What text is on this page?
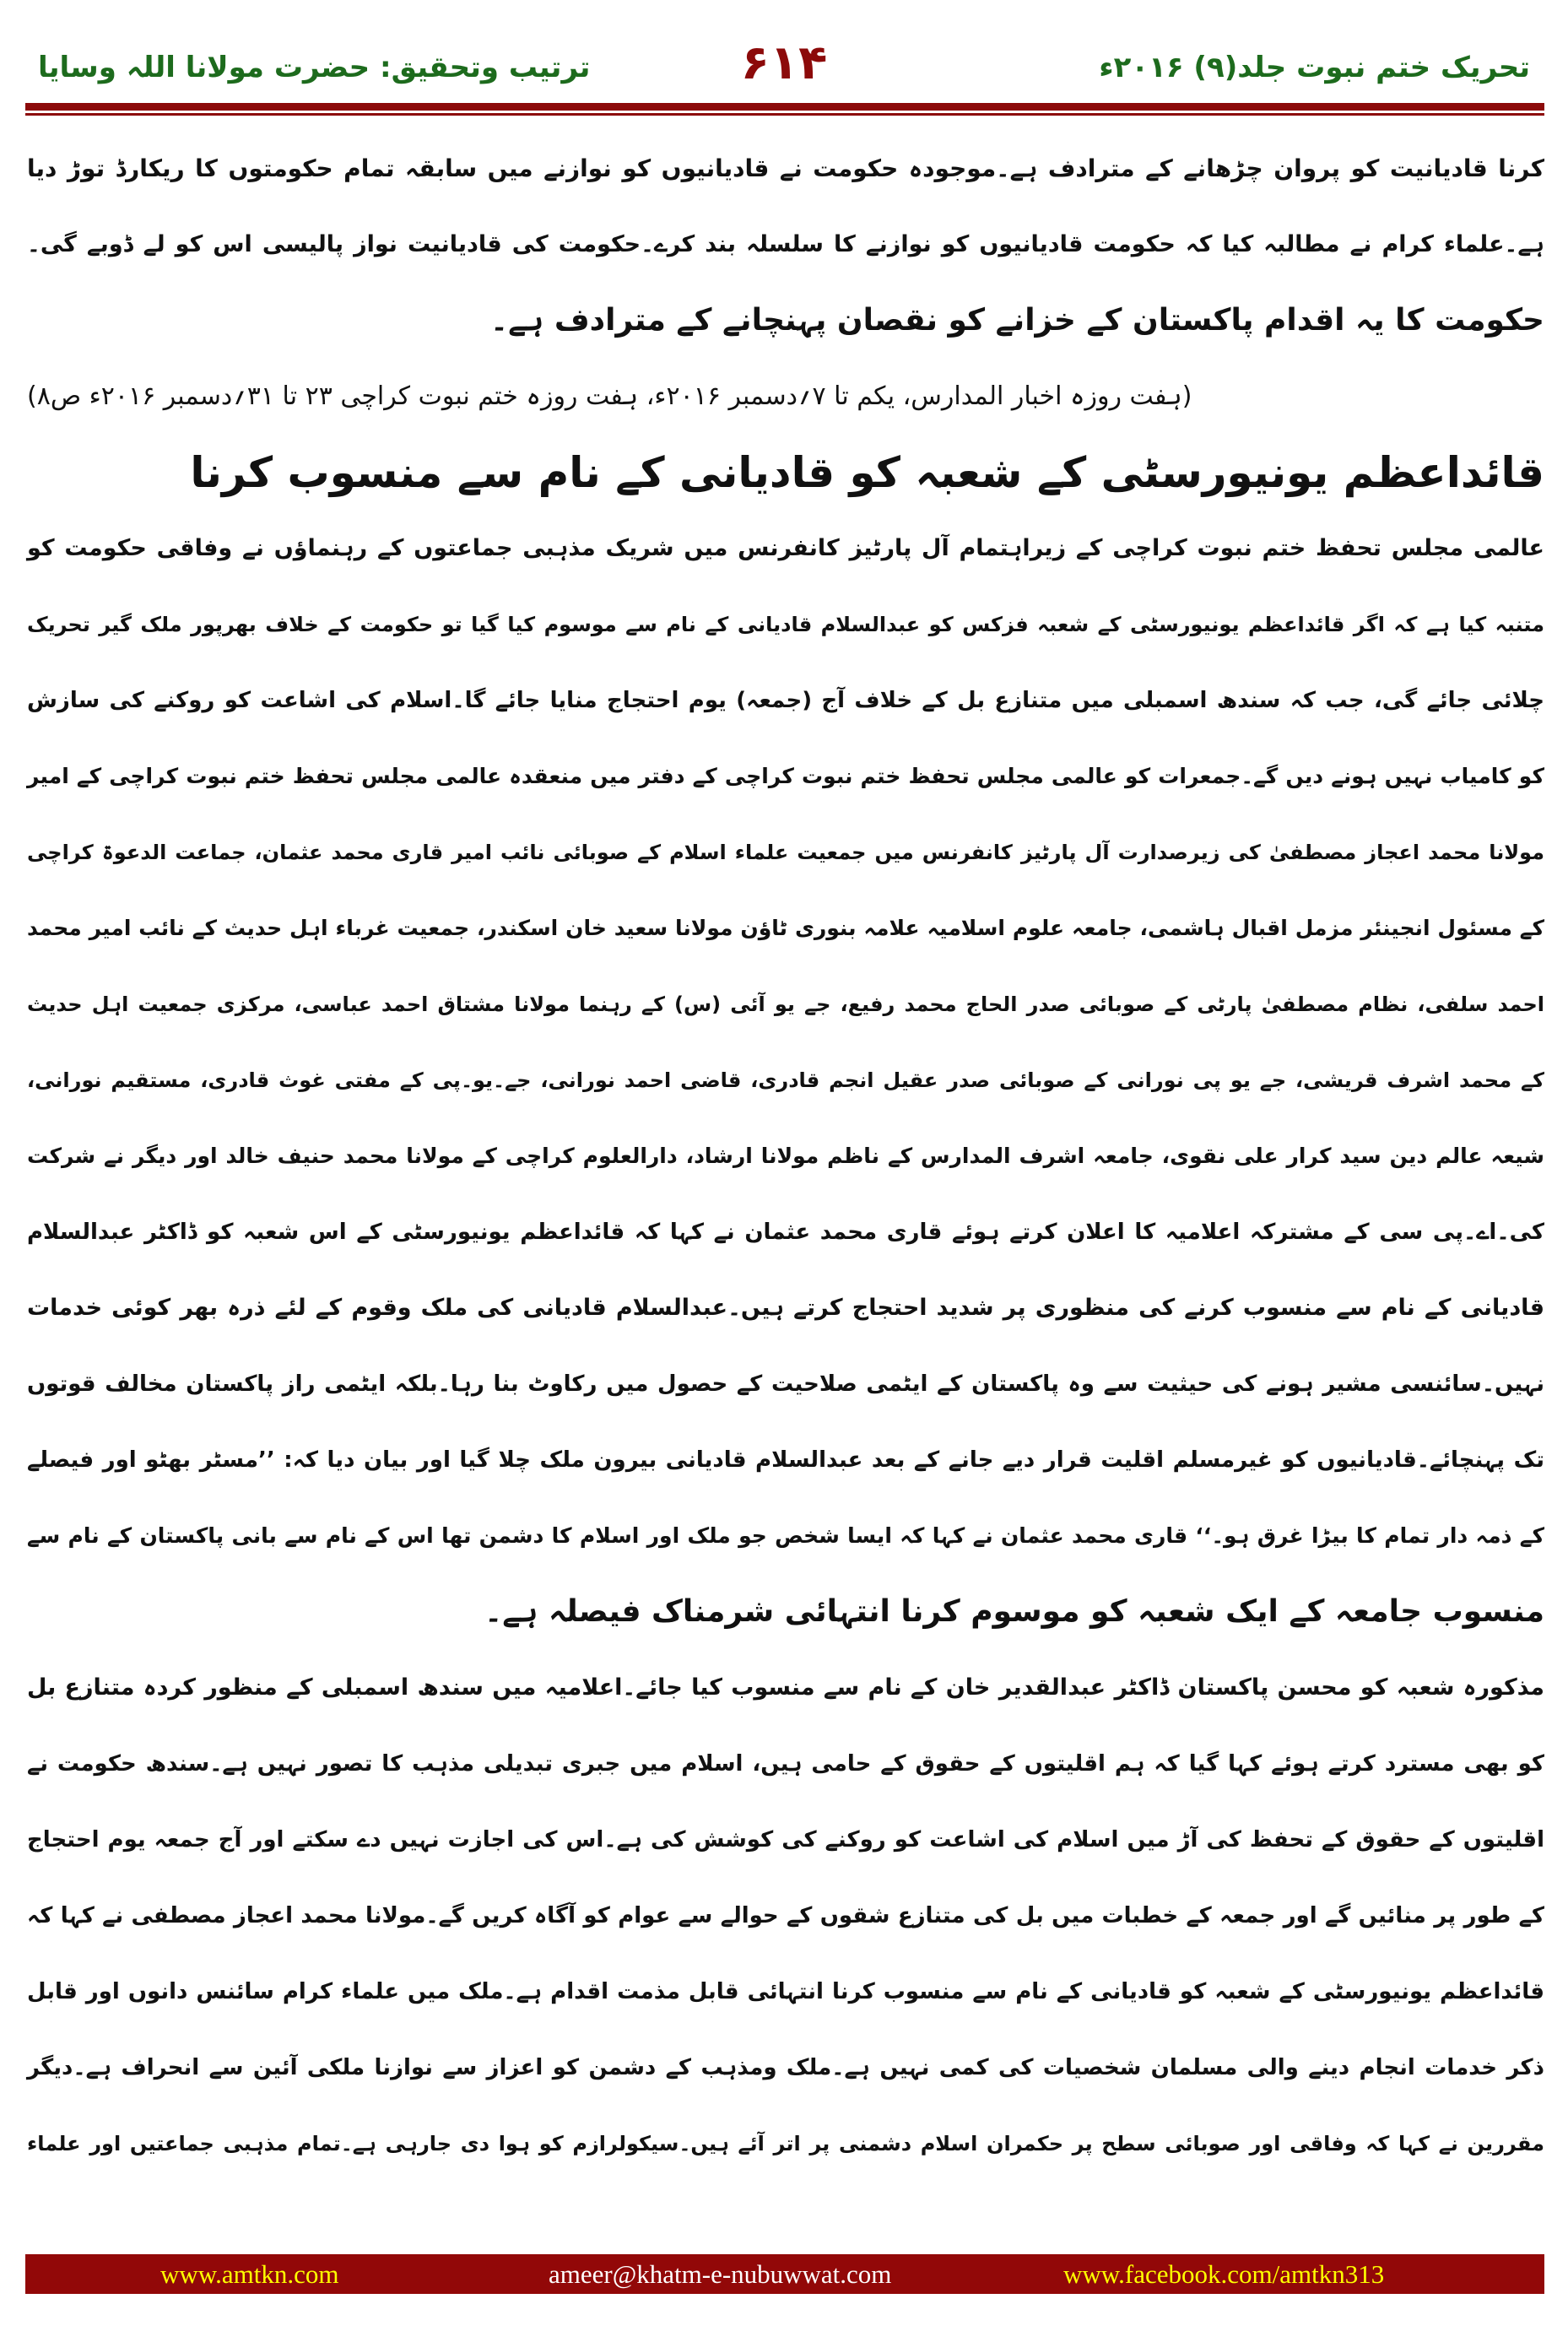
تحریک ختم نبوت جلد(۹) ۲۰۱۶ء
۶۱۴
ترتیب وتحقیق: حضرت مولانا اللہ وسایا
کرنا قادیانیت کو پروان چڑھانے کے مترادف ہے۔موجودہ حکومت نے قادیانیوں کو نوازنے میں سابقہ تمام حکومتوں کا ریکارڈ توڑ دیا
ہے۔علماء کرام نے مطالبہ کیا کہ حکومت قادیانیوں کو نوازنے کا سلسلہ بند کرے۔حکومت کی قادیانیت نواز پالیسی اس کو لے ڈوبے گی۔
حکومت کا یہ اقدام پاکستان کے خزانے کو نقصان پہنچانے کے مترادف ہے۔
(ہفت روزہ اخبار المدارس، یکم تا ۷؍دسمبر ۲۰۱۶ء، ہفت روزہ ختم نبوت کراچی ۲۳ تا ۳۱؍دسمبر ۲۰۱۶ء ص۸)
قائداعظم یونیورسٹی کے شعبہ کو قادیانی کے نام سے منسوب کرنا
عالمی مجلس تحفظ ختم نبوت کراچی کے زیراہتمام آل پارٹیز کانفرنس میں شریک مذہبی جماعتوں کے رہنماؤں نے وفاقی حکومت کو
متنبہ کیا ہے کہ اگر قائداعظم یونیورسٹی کے شعبہ فزکس کو عبدالسلام قادیانی کے نام سے موسوم کیا گیا تو حکومت کے خلاف بھرپور ملک گیر تحریک
چلائی جائے گی، جب کہ سندھ اسمبلی میں متنازع بل کے خلاف آج (جمعہ) یوم احتجاج منایا جائے گا۔اسلام کی اشاعت کو روکنے کی سازش
کو کامیاب نہیں ہونے دیں گے۔جمعرات کو عالمی مجلس تحفظ ختم نبوت کراچی کے دفتر میں منعقدہ عالمی مجلس تحفظ ختم نبوت کراچی کے امیر
مولانا محمد اعجاز مصطفیٰ کی زیرصدارت آل پارٹیز کانفرنس میں جمعیت علماء اسلام کے صوبائی نائب امیر قاری محمد عثمان، جماعت الدعوۃ کراچی
کے مسئول انجینئر مزمل اقبال ہاشمی، جامعہ علوم اسلامیہ علامہ بنوری ٹاؤن مولانا سعید خان اسکندر، جمعیت غرباء اہل حدیث کے نائب امیر محمد
احمد سلفی، نظام مصطفیٰ پارٹی کے صوبائی صدر الحاج محمد رفیع، جے یو آئی (س) کے رہنما مولانا مشتاق احمد عباسی، مرکزی جمعیت اہل حدیث
کے محمد اشرف قریشی، جے یو پی نورانی کے صوبائی صدر عقیل انجم قادری، قاضی احمد نورانی، جے۔یو۔پی کے مفتی غوث قادری، مستقیم نورانی،
شیعہ عالم دین سید کرار علی نقوی، جامعہ اشرف المدارس کے ناظم مولانا ارشاد، دارالعلوم کراچی کے مولانا محمد حنیف خالد اور دیگر نے شرکت
کی۔اے۔پی سی کے مشترکہ اعلامیہ کا اعلان کرتے ہوئے قاری محمد عثمان نے کہا کہ قائداعظم یونیورسٹی کے اس شعبہ کو ڈاکٹر عبدالسلام
قادیانی کے نام سے منسوب کرنے کی منظوری پر شدید احتجاج کرتے ہیں۔عبدالسلام قادیانی کی ملک وقوم کے لئے ذرہ بھر کوئی خدمات
نہیں۔سائنسی مشیر ہونے کی حیثیت سے وہ پاکستان کے ایٹمی صلاحیت کے حصول میں رکاوٹ بنا رہا۔بلکہ ایٹمی راز پاکستان مخالف قوتوں
تک پہنچائے۔قادیانیوں کو غیرمسلم اقلیت قرار دیے جانے کے بعد عبدالسلام قادیانی بیرون ملک چلا گیا اور بیان دیا کہ: ’’مسٹر بھٹو اور فیصلے
کے ذمہ دار تمام کا بیڑا غرق ہو۔‘‘ قاری محمد عثمان نے کہا کہ ایسا شخص جو ملک اور اسلام کا دشمن تھا اس کے نام سے بانی پاکستان کے نام سے
منسوب جامعہ کے ایک شعبہ کو موسوم کرنا انتہائی شرمناک فیصلہ ہے۔
مذکورہ شعبہ کو محسن پاکستان ڈاکٹر عبدالقدیر خان کے نام سے منسوب کیا جائے۔اعلامیہ میں سندھ اسمبلی کے منظور کردہ متنازع بل
کو بھی مسترد کرتے ہوئے کہا گیا کہ ہم اقلیتوں کے حقوق کے حامی ہیں، اسلام میں جبری تبدیلی مذہب کا تصور نہیں ہے۔سندھ حکومت نے
اقلیتوں کے حقوق کے تحفظ کی آڑ میں اسلام کی اشاعت کو روکنے کی کوشش کی ہے۔اس کی اجازت نہیں دے سکتے اور آج جمعہ یوم احتجاج
کے طور پر منائیں گے اور جمعہ کے خطبات میں بل کی متنازع شقوں کے حوالے سے عوام کو آگاہ کریں گے۔مولانا محمد اعجاز مصطفی نے کہا کہ
قائداعظم یونیورسٹی کے شعبہ کو قادیانی کے نام سے منسوب کرنا انتہائی قابل مذمت اقدام ہے۔ملک میں علماء کرام سائنس دانوں اور قابل
ذکر خدمات انجام دینے والی مسلمان شخصیات کی کمی نہیں ہے۔ملک ومذہب کے دشمن کو اعزاز سے نوازنا ملکی آئین سے انحراف ہے۔دیگر
مقررین نے کہا کہ وفاقی اور صوبائی سطح پر حکمران اسلام دشمنی پر اتر آئے ہیں۔سیکولرازم کو ہوا دی جارہی ہے۔تمام مذہبی جماعتیں اور علماء
www.amtkn.com	ameer@khatm-e-nubuwwat.com	www.facebook.com/amtkn313
